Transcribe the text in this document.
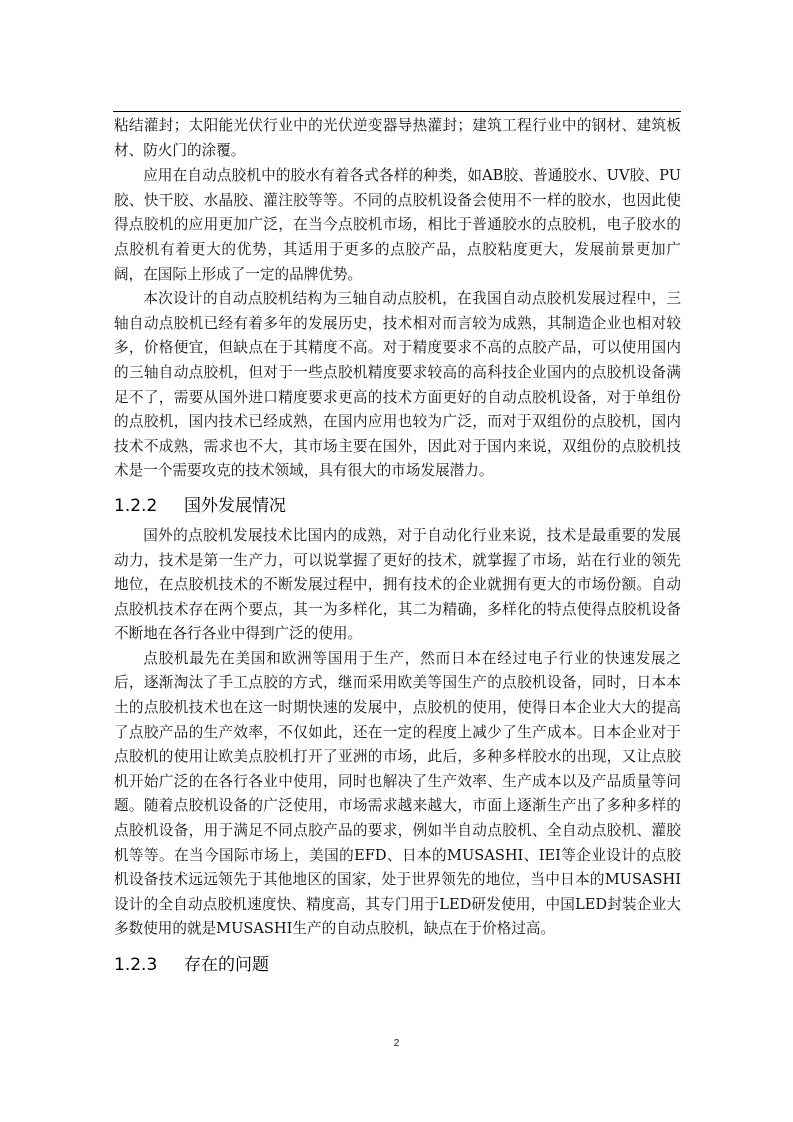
粘结灌封；太阳能光伏行业中的光伏逆变器导热灌封；建筑工程行业中的钢材、建筑板材、防火门的涂覆。

应用在自动点胶机中的胶水有着各式各样的种类，如AB胶、普通胶水、UV胶、PU胶、快干胶、水晶胶、灌注胶等等。不同的点胶机设备会使用不一样的胶水，也因此使得点胶机的应用更加广泛，在当今点胶机市场，相比于普通胶水的点胶机，电子胶水的点胶机有着更大的优势，其适用于更多的点胶产品，点胶粘度更大，发展前景更加广阔，在国际上形成了一定的品牌优势。

本次设计的自动点胶机结构为三轴自动点胶机，在我国自动点胶机发展过程中，三轴自动点胶机已经有着多年的发展历史，技术相对而言较为成熟，其制造企业也相对较多，价格便宜，但缺点在于其精度不高。对于精度要求不高的点胶产品，可以使用国内的三轴自动点胶机，但对于一些点胶机精度要求较高的高科技企业国内的点胶机设备满足不了，需要从国外进口精度要求更高的技术方面更好的自动点胶机设备，对于单组份的点胶机，国内技术已经成熟，在国内应用也较为广泛，而对于双组份的点胶机，国内技术不成熟，需求也不大，其市场主要在国外，因此对于国内来说，双组份的点胶机技术是一个需要攻克的技术领域，具有很大的市场发展潜力。

1.2.2 国外发展情况

国外的点胶机发展技术比国内的成熟，对于自动化行业来说，技术是最重要的发展动力，技术是第一生产力，可以说掌握了更好的技术，就掌握了市场，站在行业的领先地位，在点胶机技术的不断发展过程中，拥有技术的企业就拥有更大的市场份额。自动点胶机技术存在两个要点，其一为多样化，其二为精确，多样化的特点使得点胶机设备不断地在各行各业中得到广泛的使用。

点胶机最先在美国和欧洲等国用于生产，然而日本在经过电子行业的快速发展之后，逐渐淘汰了手工点胶的方式，继而采用欧美等国生产的点胶机设备，同时，日本本土的点胶机技术也在这一时期快速的发展中，点胶机的使用，使得日本企业大大的提高了点胶产品的生产效率，不仅如此，还在一定的程度上减少了生产成本。日本企业对于点胶机的使用让欧美点胶机打开了亚洲的市场，此后，多种多样胶水的出现，又让点胶机开始广泛的在各行各业中使用，同时也解决了生产效率、生产成本以及产品质量等问题。随着点胶机设备的广泛使用，市场需求越来越大，市面上逐渐生产出了多种多样的点胶机设备，用于满足不同点胶产品的要求，例如半自动点胶机、全自动点胶机、灌胶机等等。在当今国际市场上，美国的EFD、日本的MUSASHI、IEI等企业设计的点胶机设备技术远远领先于其他地区的国家，处于世界领先的地位，当中日本的MUSASHI设计的全自动点胶机速度快、精度高，其专门用于LED研发使用，中国LED封装企业大多数使用的就是MUSASHI生产的自动点胶机，缺点在于价格过高。

1.2.3 存在的问题
2
